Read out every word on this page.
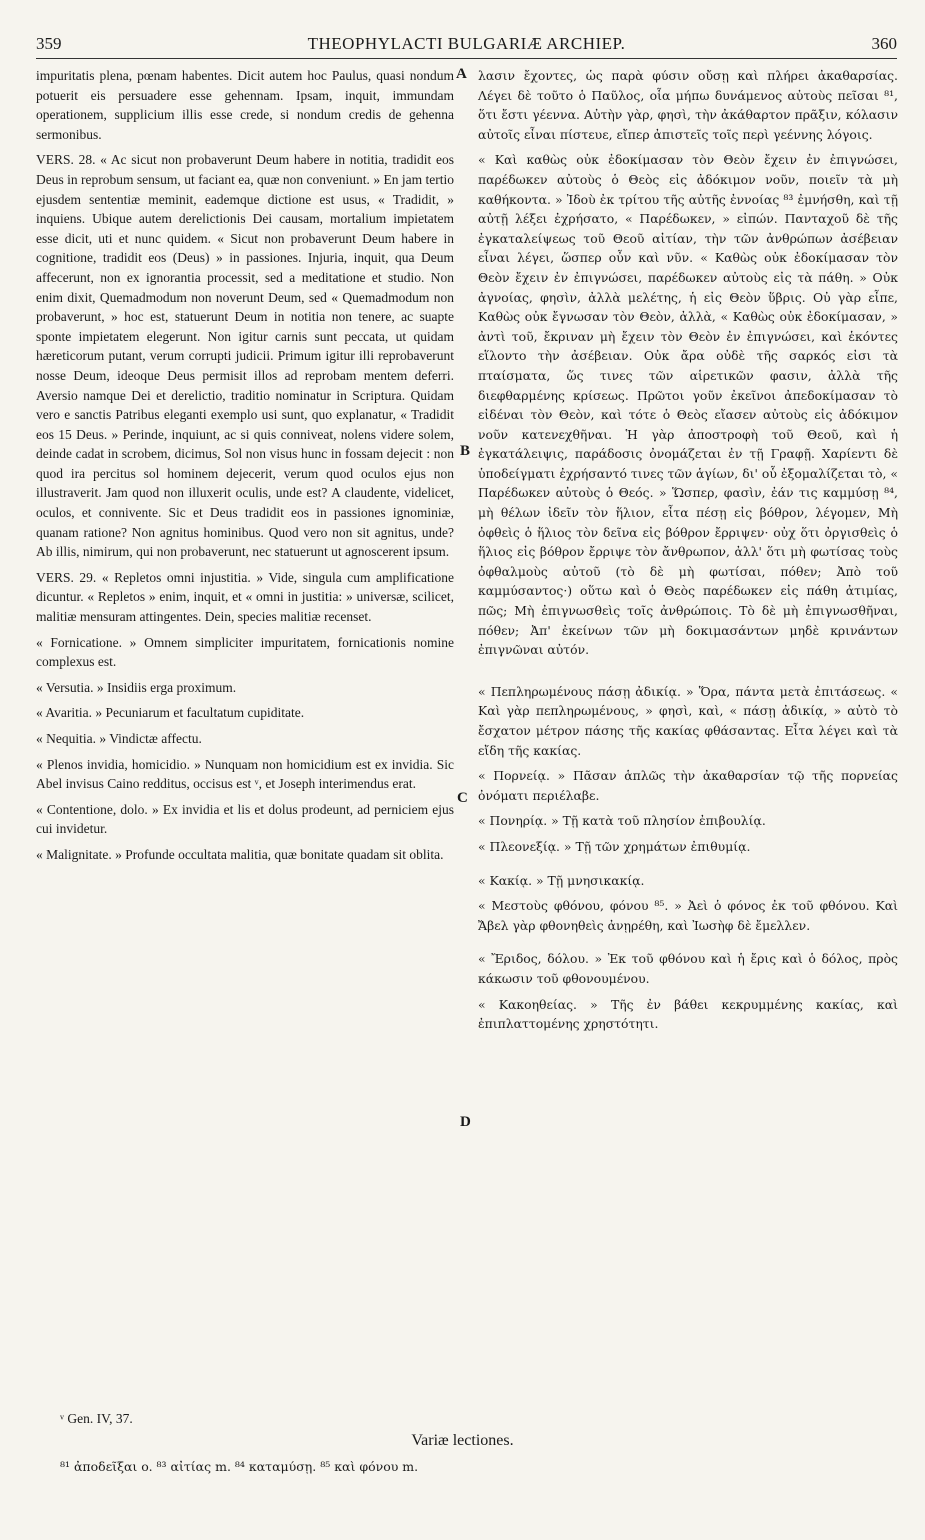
359	THEOPHYLACTI BULGARIÆ ARCHIEP.	360
A
B
C
D

impuritatis plena, pœnam habentes. Dicit autem hoc Paulus, quasi nondum potuerit eis persuadere esse gehennam. Ipsam, inquit, immundam operationem, supplicium illis esse crede, si nondum credis de gehenna sermonibus.

VERS. 28. « Ac sicut non probaverunt Deum habere in notitia, tradidit eos Deus in reprobum sensum, ut faciant ea, quæ non conveniunt. » En jam tertio ejusdem sententiæ meminit, eademque dictione est usus, « Tradidit, » inquiens. Ubique autem derelictionis Dei causam, mortalium impietatem esse dicit, uti et nunc quidem. « Sicut non probaverunt Deum habere in cognitione, tradidit eos (Deus) » in passiones. Injuria, inquit, qua Deum affecerunt, non ex ignorantia processit, sed a meditatione et studio. Non enim dixit, Quemadmodum non noverunt Deum, sed « Quemadmodum non probaverunt, » hoc est, statuerunt Deum in notitia non tenere, ac suapte sponte impietatem elegerunt. Non igitur carnis sunt peccata, ut quidam hæreticorum putant, verum corrupti judicii. Primum igitur illi reprobaverunt nosse Deum, ideoque Deus permisit illos ad reprobam mentem deferri. Aversio namque Dei et derelictio, traditio nominatur in Scriptura. Quidam vero e sanctis Patribus eleganti exemplo usi sunt, quo explanatur, « Tradidit eos 15 Deus. » Perinde, inquiunt, ac si quis conniveat, nolens videre solem, deinde cadat in scrobem, dicimus, Sol non visus hunc in fossam dejecit : non quod ira percitus sol hominem dejecerit, verum quod oculos ejus non illustraverit. Jam quod non illuxerit oculis, unde est? A claudente, videlicet, oculos, et connivente. Sic et Deus tradidit eos in passiones ignominiæ, quanam ratione? Non agnitus hominibus. Quod vero non sit agnitus, unde? Ab illis, nimirum, qui non probaverunt, nec statuerunt ut agnoscerent ipsum.

VERS. 29. « Repletos omni injustitia. » Vide, singula cum amplificatione dicuntur. « Repletos » enim, inquit, et « omni in justitia: » universæ, scilicet, malitiæ mensuram attingentes. Dein, species malitiæ recenset.

« Fornicatione. » Omnem simpliciter impuritatem, fornicationis nomine complexus est.

« Versutia. » Insidiis erga proximum.

« Avaritia. » Pecuniarum et facultatum cupiditate.

« Nequitia. » Vindictæ affectu.

« Plenos invidia, homicidio. » Nunquam non homicidium est ex invidia. Sic Abel invisus Caino redditus, occisus est ᵛ, et Joseph interimendus erat.

« Contentione, dolo. » Ex invidia et lis et dolus prodeunt, ad perniciem ejus cui invidetur.

« Malignitate. » Profunde occultata malitia, quæ bonitate quadam sit oblita.

λασιν ἔχοντες, ὡς παρὰ φύσιν οὔσῃ καὶ πλήρει ἀκαθαρσίας. Λέγει δὲ τοῦτο ὁ Παῦλος, οἷα μήπω δυνάμενος αὐτοὺς πεῖσαι ⁸¹, ὅτι ἔστι γέεννα. Αὐτὴν γὰρ, φησὶ, τὴν ἀκάθαρτον πρᾶξιν, κόλασιν αὐτοῖς εἶναι πίστευε, εἴπερ ἀπιστεῖς τοῖς περὶ γεέννης λόγοις.

« Καὶ καθὼς οὐκ ἐδοκίμασαν τὸν Θεὸν ἔχειν ἐν ἐπιγνώσει, παρέδωκεν αὐτοὺς ὁ Θεὸς εἰς ἀδόκιμον νοῦν, ποιεῖν τὰ μὴ καθήκοντα. » Ἰδοὺ ἐκ τρίτου τῆς αὐτῆς ἐννοίας ⁸³ ἐμνήσθη, καὶ τῇ αὐτῇ λέξει ἐχρήσατο, « Παρέδωκεν, » εἰπών. Πανταχοῦ δὲ τῆς ἐγκαταλείψεως τοῦ Θεοῦ αἰτίαν, τὴν τῶν ἀνθρώπων ἀσέβειαν εἶναι λέγει, ὥσπερ οὖν καὶ νῦν. « Καθὼς οὐκ ἐδοκίμασαν τὸν Θεὸν ἔχειν ἐν ἐπιγνώσει, παρέδωκεν αὐτοὺς εἰς τὰ πάθη. » Οὐκ ἀγνοίας, φησὶν, ἀλλὰ μελέτης, ἡ εἰς Θεὸν ὕβρις. Οὐ γὰρ εἶπε, Καθὼς οὐκ ἔγνωσαν τὸν Θεὸν, ἀλλὰ, « Καθὼς οὐκ ἐδοκίμασαν, » ἀντὶ τοῦ, ἔκριναν μὴ ἔχειν τὸν Θεὸν ἐν ἐπιγνώσει, καὶ ἑκόντες εἵλοντο τὴν ἀσέβειαν. Οὐκ ἄρα οὐδὲ τῆς σαρκός εἰσι τὰ πταίσματα, ὥς τινες τῶν αἱρετικῶν φασιν, ἀλλὰ τῆς διεφθαρμένης κρίσεως. Πρῶτοι γοῦν ἐκεῖνοι ἀπεδοκίμασαν τὸ εἰδέναι τὸν Θεὸν, καὶ τότε ὁ Θεὸς εἴασεν αὐτοὺς εἰς ἀδόκιμον νοῦν κατενεχθῆναι. Ἡ γὰρ ἀποστροφὴ τοῦ Θεοῦ, καὶ ἡ ἐγκατάλειψις, παράδοσις ὀνομάζεται ἐν τῇ Γραφῇ. Χαρίεντι δὲ ὑποδείγματι ἐχρήσαντό τινες τῶν ἁγίων, δι' οὗ ἐξομαλίζεται τὸ, « Παρέδωκεν αὐτοὺς ὁ Θεός. » Ὥσπερ, φασὶν, ἐάν τις καμμύσῃ ⁸⁴, μὴ θέλων ἰδεῖν τὸν ἥλιον, εἶτα πέσῃ εἰς βόθρον, λέγομεν, Μὴ ὀφθεὶς ὁ ἥλιος τὸν δεῖνα εἰς βόθρον ἔρριψεν· οὐχ ὅτι ὀργισθεὶς ὁ ἥλιος εἰς βόθρον ἔρριψε τὸν ἄνθρωπον, ἀλλ' ὅτι μὴ φωτίσας τοὺς ὀφθαλμοὺς αὐτοῦ (τὸ δὲ μὴ φωτίσαι, πόθεν; Ἀπὸ τοῦ καμμύσαντος·) οὕτω καὶ ὁ Θεὸς παρέδωκεν εἰς πάθη ἀτιμίας, πῶς; Μὴ ἐπιγνωσθεὶς τοῖς ἀνθρώποις. Τὸ δὲ μὴ ἐπιγνωσθῆναι, πόθεν; Ἀπ' ἐκείνων τῶν μὴ δοκιμασάντων μηδὲ κρινάντων ἐπιγνῶναι αὐτόν.

« Πεπληρωμένους πάσῃ ἀδικίᾳ. » Ὅρα, πάντα μετὰ ἐπιτάσεως. « Καὶ γὰρ πεπληρωμένους, » φησὶ, καὶ, « πάσῃ ἀδικίᾳ, » αὐτὸ τὸ ἔσχατον μέτρον πάσης τῆς κακίας φθάσαντας. Εἶτα λέγει καὶ τὰ εἴδη τῆς κακίας.

« Πορνείᾳ. » Πᾶσαν ἁπλῶς τὴν ἀκαθαρσίαν τῷ τῆς πορνείας ὀνόματι περιέλαβε.

« Πονηρίᾳ. » Τῇ κατὰ τοῦ πλησίον ἐπιβουλίᾳ.

« Πλεονεξίᾳ. » Τῇ τῶν χρημάτων ἐπιθυμίᾳ.

« Κακίᾳ. » Τῇ μνησικακίᾳ.

« Μεστοὺς φθόνου, φόνου ⁸⁵. » Ἀεὶ ὁ φόνος ἐκ τοῦ φθόνου. Καὶ Ἄβελ γὰρ φθονηθεὶς ἀνῃρέθη, καὶ Ἰωσὴφ δὲ ἔμελλεν.

« Ἔριδος, δόλου. » Ἐκ τοῦ φθόνου καὶ ἡ ἔρις καὶ ὁ δόλος, πρὸς κάκωσιν τοῦ φθονουμένου.

« Κακοηθείας. » Τῆς ἐν βάθει κεκρυμμένης κακίας, καὶ ἐπιπλαττομένης χρηστότητι.

ᵛ Gen. IV, 37.
Variæ lectiones.
⁸¹ ἀποδεῖξαι o. ⁸³ αἰτίας m. ⁸⁴ καταμύσῃ. ⁸⁵ καὶ φόνου m.
